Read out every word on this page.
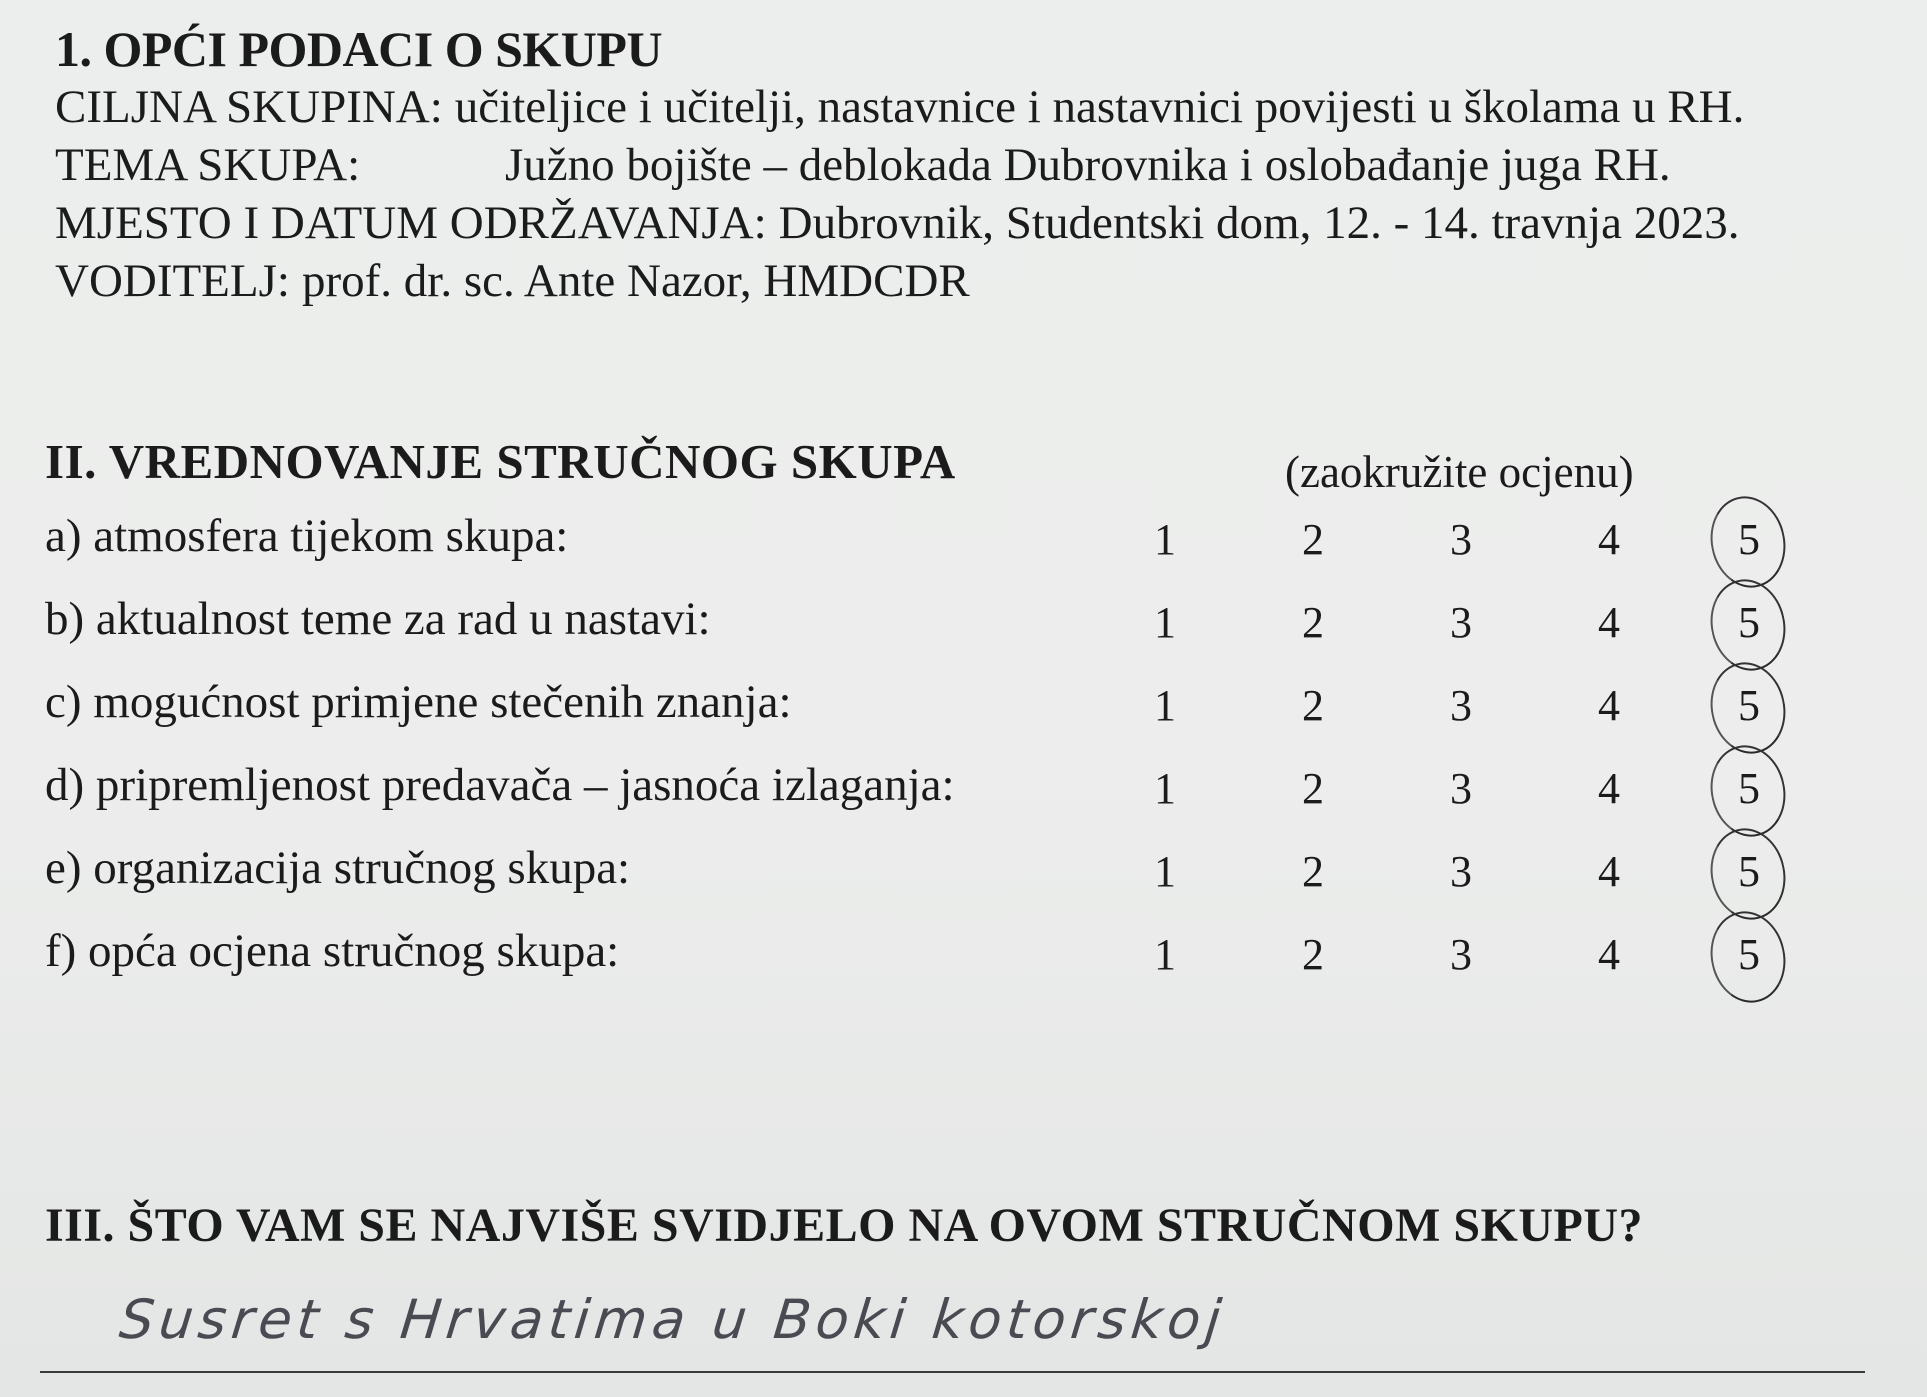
1. OPĆI PODACI O SKUPU
CILJNA SKUPINA: učiteljice i učitelji, nastavnice i nastavnici povijesti u školama u RH.
TEMA SKUPA:	Južno bojište – deblokada Dubrovnika i oslobađanje juga RH.
MJESTO I DATUM ODRŽAVANJA: Dubrovnik, Studentski dom, 12. - 14. travnja 2023.
VODITELJ: prof. dr. sc. Ante Nazor, HMDCDR
II. VREDNOVANJE STRUČNOG SKUPA	(zaokružite ocjenu)
a) atmosfera tijekom skupa:	1	2	3	4	5
b) aktualnost teme za rad u nastavi:	1	2	3	4	5
c) mogućnost primjene stečenih znanja:	1	2	3	4	5
d) pripremljenost predavača – jasnoća izlaganja:	1	2	3	4	5
e) organizacija stručnog skupa:	1	2	3	4	5
f) opća ocjena stručnog skupa:	1	2	3	4	5
III. ŠTO VAM SE NAJVIŠE SVIDJELO NA OVOM STRUČNOM SKUPU?
Susret s Hrvatima u Boki kotorskoj
